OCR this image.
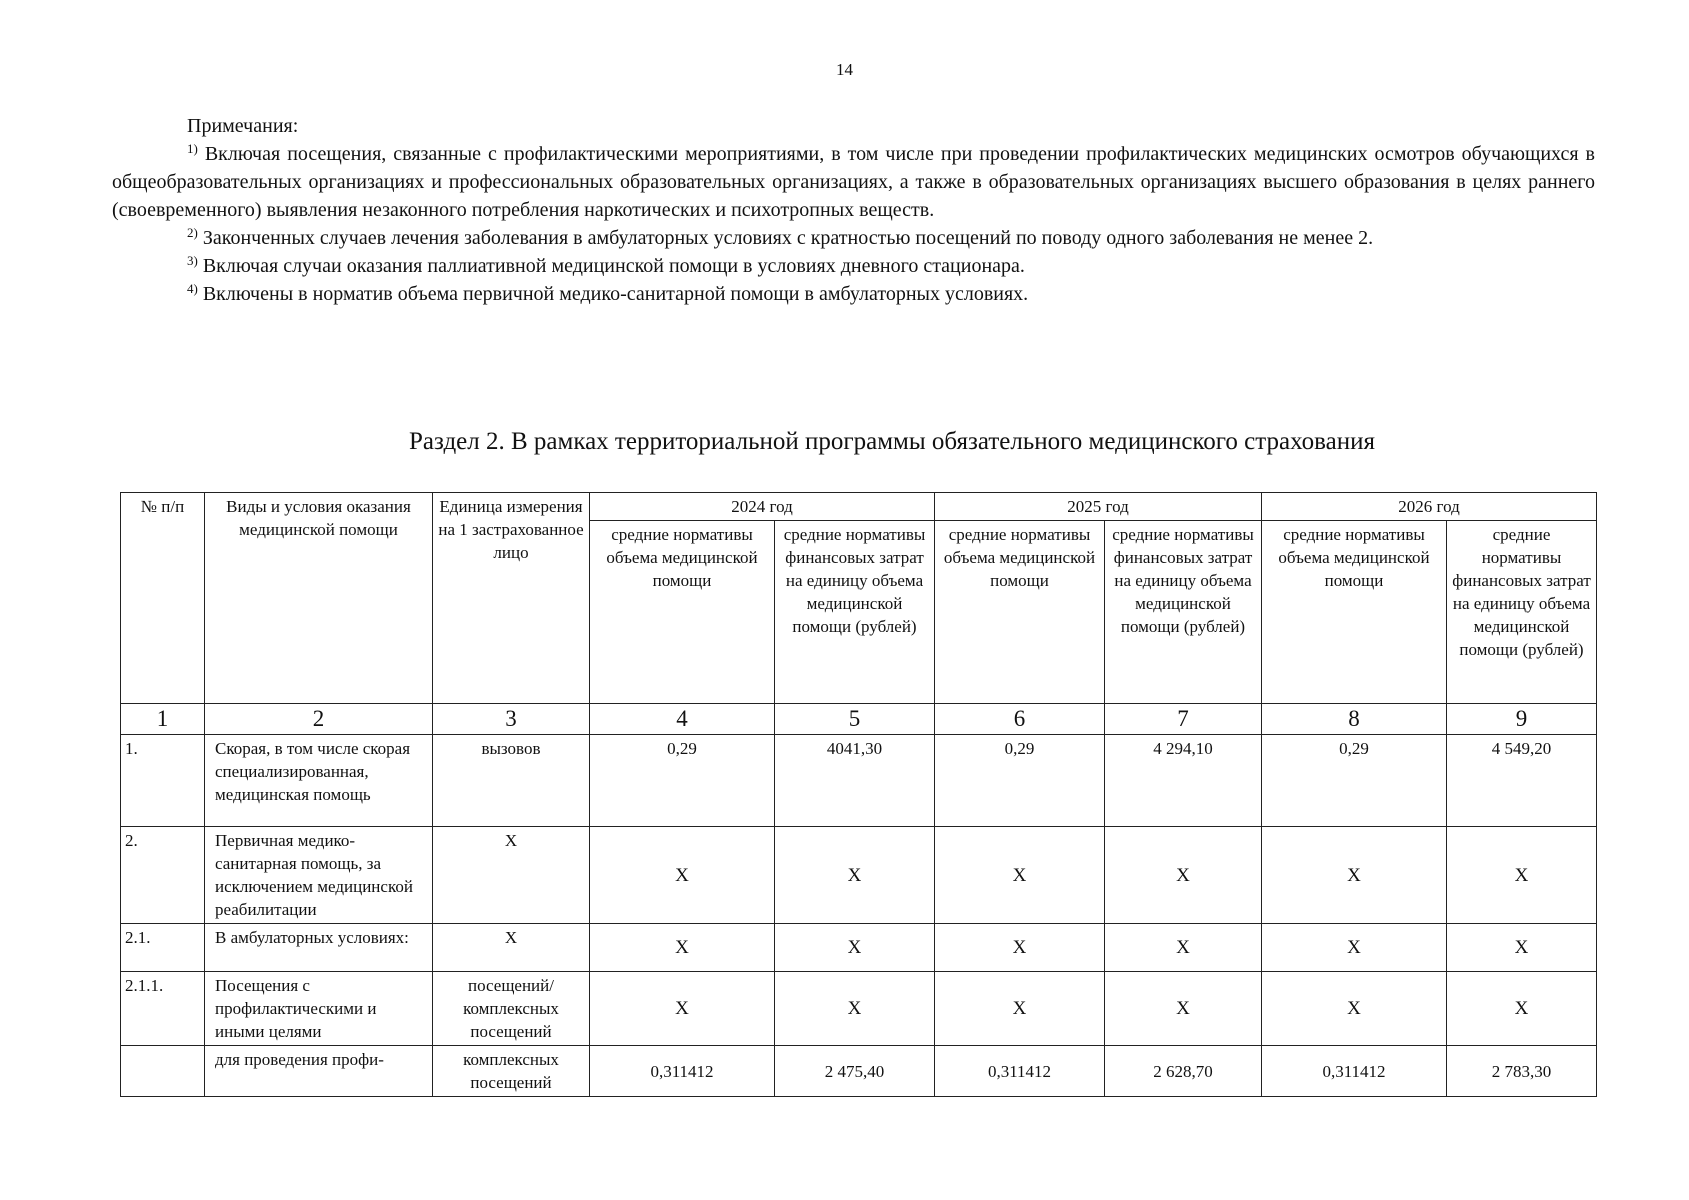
14

Примечания:

$^{1)}$ Включая посещения, связанные с профилактическими мероприятиями, в том числе при проведении профилактических медицинских осмотров обучающихся в общеобразовательных организациях и профессиональных образовательных организациях, а также в образовательных организациях высшего образования в целях раннего (своевременного) выявления незаконного потребления наркотических и психотропных веществ.

$^{2)}$ Законченных случаев лечения заболевания в амбулаторных условиях с кратностью посещений по поводу одного заболевания не менее 2.

$^{3)}$ Включая случаи оказания паллиативной медицинской помощи в условиях дневного стационара.

$^{4)}$ Включены в норматив объема первичной медико-санитарной помощи в амбулаторных условиях.

Раздел 2. В рамках территориальной программы обязательного медицинского страхования
№ п/п	Виды и условия оказания медицинской помощи	Единица измерения на 1 застрахованное лицо	2024 год		2025 год		2026 год	
			средние нормативы объема медицинской помощи	средние нормативы финансовых затрат на единицу объема медицинской помощи (рублей)	средние нормативы объема медицинской помощи	средние нормативы финансовых затрат на единицу объема медицинской помощи (рублей)	средние нормативы объема медицинской помощи	средние нормативы финансовых затрат на единицу объема медицинской помощи (рублей)
1	2	3	4	5	6	7	8	9
1.	Скорая, в том числе скорая специализированная, медицинская помощь	вызовов	0,29	4041,30	0,29	4 294,10	0,29	4 549,20
2.	Первичная медико-санитарная помощь, за исключением медицинской реабилитации	X	X	X	X	X	X	X
2.1.	В амбулаторных условиях:	X	X	X	X	X	X	X
2.1.1.	Посещения с профилактическими и иными целями	посещений/ комплексных посещений	X	X	X	X	X	X
	для проведения профи-	комплексных посещений	0,311412	2 475,40	0,311412	2 628,70	0,311412	2 783,30
